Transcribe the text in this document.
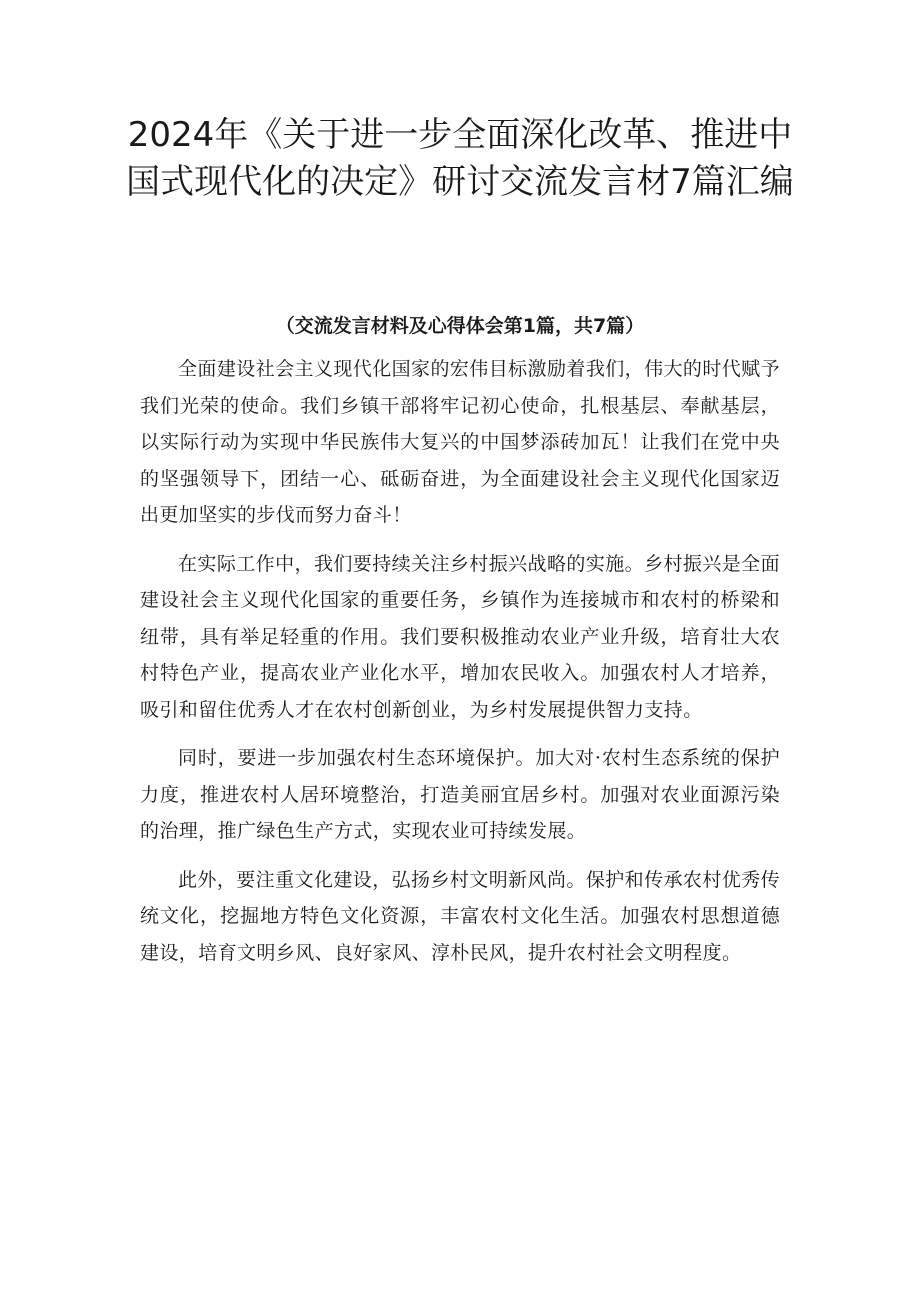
2024年《关于进一步全面深化改革、推进中国式现代化的决定》研讨交流发言材7篇汇编
（交流发言材料及心得体会第1篇，共7篇）

全面建设社会主义现代化国家的宏伟目标激励着我们，伟大的时代赋予我们光荣的使命。我们乡镇干部将牢记初心使命，扎根基层、奉献基层，以实际行动为实现中华民族伟大复兴的中国梦添砖加瓦！让我们在党中央的坚强领导下，团结一心、砥砺奋进，为全面建设社会主义现代化国家迈出更加坚实的步伐而努力奋斗！

在实际工作中，我们要持续关注乡村振兴战略的实施。乡村振兴是全面建设社会主义现代化国家的重要任务，乡镇作为连接城市和农村的桥梁和纽带，具有举足轻重的作用。我们要积极推动农业产业升级，培育壮大农村特色产业，提高农业产业化水平，增加农民收入。加强农村人才培养，吸引和留住优秀人才在农村创新创业，为乡村发展提供智力支持。

同时，要进一步加强农村生态环境保护。加大对·农村生态系统的保护力度，推进农村人居环境整治，打造美丽宜居乡村。加强对农业面源污染的治理，推广绿色生产方式，实现农业可持续发展。

此外，要注重文化建设，弘扬乡村文明新风尚。保护和传承农村优秀传统文化，挖掘地方特色文化资源，丰富农村文化生活。加强农村思想道德建设，培育文明乡风、良好家风、淳朴民风，提升农村社会文明程度。
